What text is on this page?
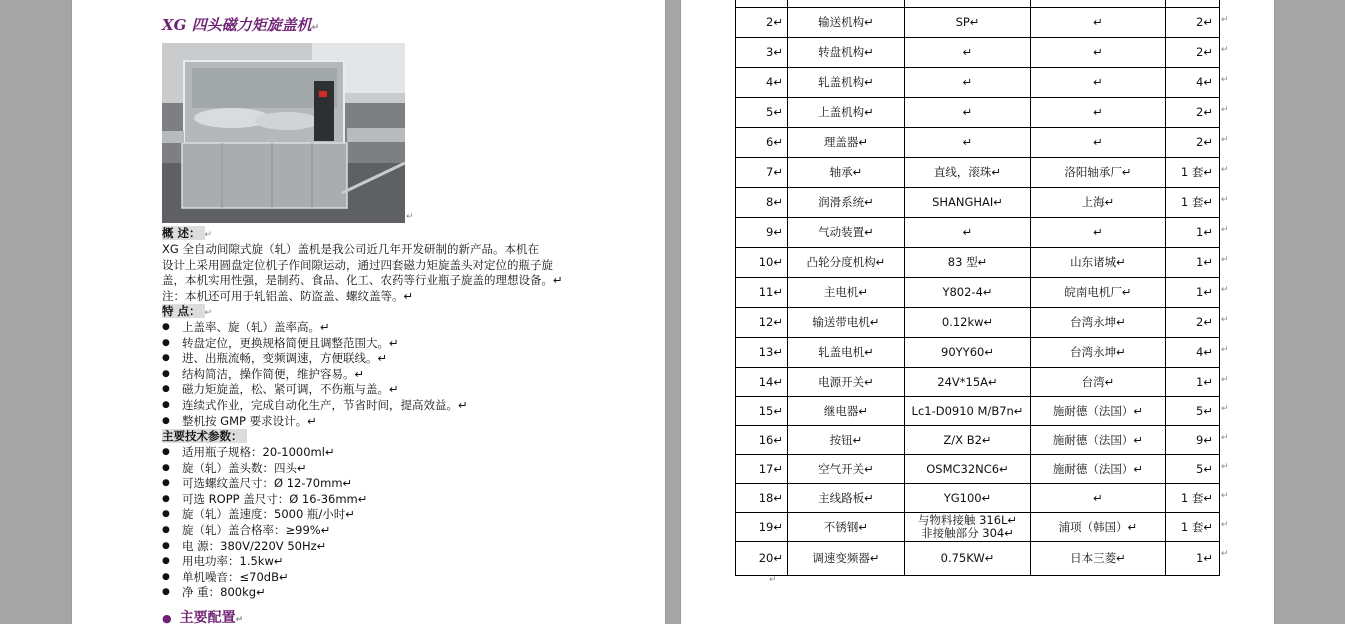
XG 四头磁力矩旋盖机↵
↵
概 述： ↵
XG 全自动间隙式旋（轧）盖机是我公司近几年开发研制的新产品。本机在
设计上采用圆盘定位机子作间隙运动，通过四套磁力矩旋盖头对定位的瓶子旋
盖，本机实用性强，是制药、食品、化工、农药等行业瓶子旋盖的理想设备。↵
注：本机还可用于轧铝盖、防盗盖、螺纹盖等。↵
特 点： ↵
● 上盖率、旋（轧）盖率高。↵
● 转盘定位，更换规格简便且调整范围大。↵
● 进、出瓶流畅，变频调速，方便联线。↵
● 结构简洁，操作简便，维护容易。↵
● 磁力矩旋盖，松、紧可调，不伤瓶与盖。↵
● 连续式作业，完成自动化生产，节省时间，提高效益。↵
● 整机按 GMP 要求设计。↵
主要技术参数：
● 适用瓶子规格：20-1000ml↵
● 旋（轧）盖头数：四头↵
● 可选螺纹盖尺寸：Ø 12-70mm↵
● 可选 ROPP 盖尺寸：Ø 16-36mm↵
● 旋（轧）盖速度：5000 瓶/小时↵
● 旋（轧）盖合格率：≥99%↵
● 电 源：380V/220V 50Hz↵
● 用电功率：1.5kw↵
● 单机噪音：≤70dB↵
● 净 重：800kg↵
● 主要配置↵

2↵	输送机构↵	SP↵	↵	2↵
3↵	转盘机构↵	↵	↵	2↵
4↵	轧盖机构↵	↵	↵	4↵
5↵	上盖机构↵	↵	↵	2↵
6↵	理盖器↵	↵	↵	2↵
7↵	轴承↵	直线，滚珠↵	洛阳轴承厂↵	1 套↵
8↵	润滑系统↵	SHANGHAI↵	上海↵	1 套↵
9↵	气动装置↵	↵	↵	1↵
10↵	凸轮分度机构↵	83 型↵	山东诸城↵	1↵
11↵	主电机↵	Y802-4↵	皖南电机厂↵	1↵
12↵	输送带电机↵	0.12kw↵	台湾永坤↵	2↵
13↵	轧盖电机↵	90YY60↵	台湾永坤↵	4↵
14↵	电源开关↵	24V*15A↵	台湾↵	1↵
15↵	继电器↵	Lc1-D0910 M/B7n↵	施耐德（法国）↵	5↵
16↵	按钮↵	Z/X B2↵	施耐德（法国）↵	9↵
17↵	空气开关↵	OSMC32NC6↵	施耐德（法国）↵	5↵
18↵	主线路板↵	YG100↵	↵	1 套↵
19↵	不锈钢↵	与物料接触 316L↵
非接触部分 304↵	浦项（韩国）↵	1 套↵
20↵	调速变频器↵	0.75KW↵	日本三菱↵	1↵
↵
↵
↵
↵
↵
↵
↵
↵
↵
↵
↵
↵
↵
↵
↵
↵
↵
↵
↵
↵
